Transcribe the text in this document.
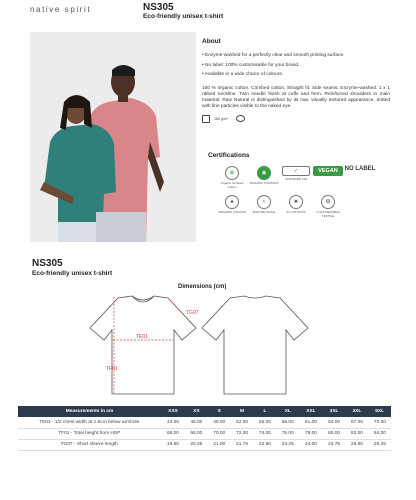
native spirit	NS305
Eco-friendly unisex t-shirt
About
• Enzyme-washed for a perfectly clear and smooth printing surface.
• No label: 100% customisable for your brand.
• Available in a wide choice of colours.

100 % organic cotton. Combed cotton. Straight fit. Side seams. Enzyme-washed. 1 x 1 ribbed neckline. Twin needle finish at cuffs and hem. Reinforced shoulders in main material. Raw Natural is distinguished by its raw, visually textured appearance, dotted with fine particles visible to the naked eye.

180 g/m²
Certifications
✿
Organic Combed Cotton
◉
ORGANIC CONTENT
✓
STANDARD 100
VEGAN	NO LABEL
♣
ORGANIC COLOUR
≈
ENZYME WASH
✺
21 COLOURS
✪
CUSTOMIZABLE TEXTILE
NS305
Eco-friendly unisex t-shirt
Dimensions (cm)
TE01
TF01
TG07
Measurements in cm	XXS	XS	S	M	L	XL	XXL	3XL	4XL	5XL
TE01 - 1/2 chest width at 1.5cm below armhole	43.00	46.00	49.00	52.00	55.00	58.00	61.00	64.00	67.00	70.00
TF01 - Total height from HSP	66.00	68.00	70.00	72.00	74.00	76.00	78.00	80.00	82.00	84.00
TG07 - Short sleeve length	19.50	20.25	21.00	21.75	22.50	23.25	24.00	24.75	25.50	26.25
